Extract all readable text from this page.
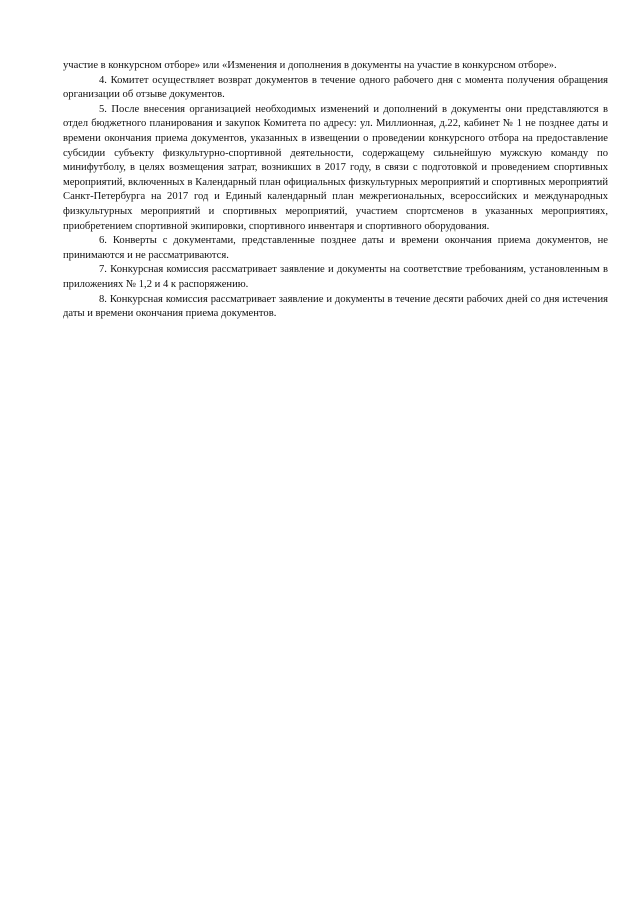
участие в конкурсном отборе» или «Изменения и дополнения в документы на участие в конкурсном отборе».

4. Комитет осуществляет возврат документов в течение одного рабочего дня с момента получения обращения организации об отзыве документов.

5. После внесения организацией необходимых изменений и дополнений в документы они представляются в отдел бюджетного планирования и закупок Комитета по адресу: ул. Миллионная, д.22, кабинет № 1 не позднее даты и времени окончания приема документов, указанных в извещении о проведении конкурсного отбора на предоставление субсидии субъекту физкультурно-спортивной деятельности, содержащему сильнейшую мужскую команду по минифутболу, в целях возмещения затрат, возникших в 2017 году, в связи с подготовкой и проведением спортивных мероприятий, включенных в Календарный план официальных физкультурных мероприятий и спортивных мероприятий Санкт-Петербурга на 2017 год и Единый календарный план межрегиональных, всероссийских и международных физкультурных мероприятий и спортивных мероприятий, участием спортсменов в указанных мероприятиях, приобретением спортивной экипировки, спортивного инвентаря и спортивного оборудования.

6. Конверты с документами, представленные позднее даты и времени окончания приема документов, не принимаются и не рассматриваются.

7. Конкурсная комиссия рассматривает заявление и документы на соответствие требованиям, установленным в приложениях № 1,2 и 4 к распоряжению.

8. Конкурсная комиссия рассматривает заявление и документы в течение десяти рабочих дней со дня истечения даты и времени окончания приема документов.
